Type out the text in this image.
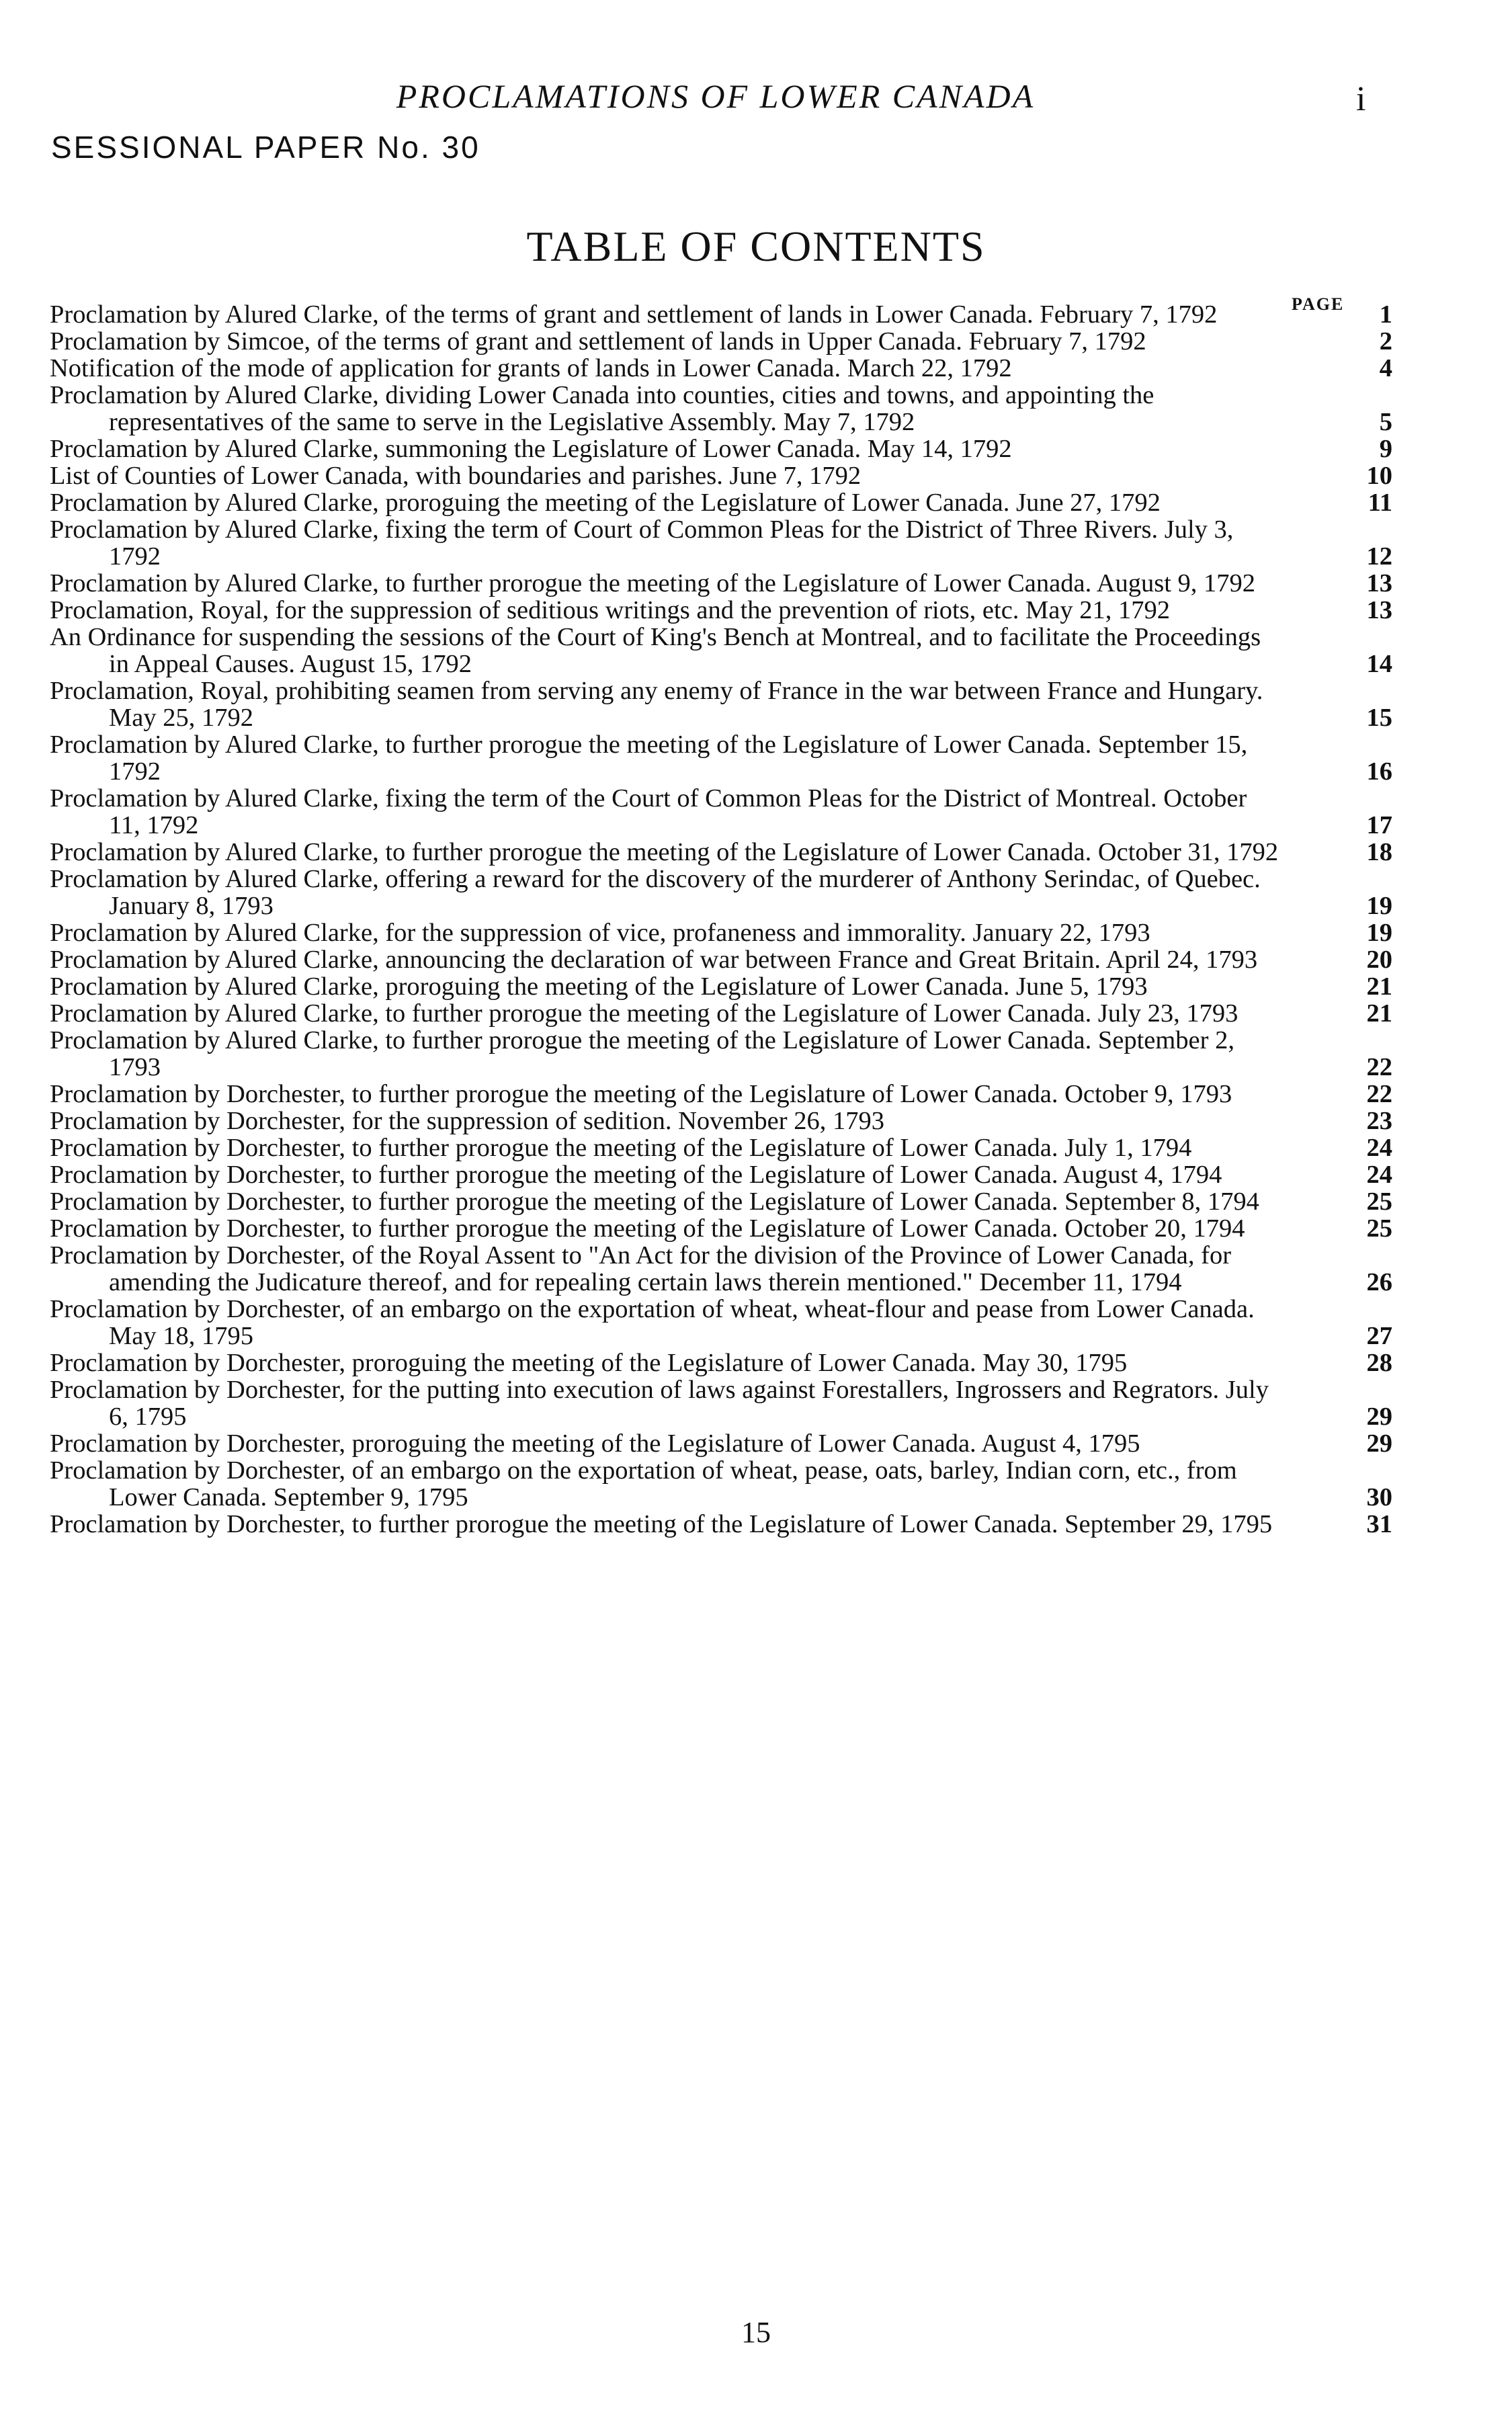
PROCLAMATIONS OF LOWER CANADA	i
SESSIONAL PAPER No. 30
TABLE OF CONTENTS
PAGE
Proclamation by Alured Clarke, of the terms of grant and settlement of lands in Lower Canada. February 7, 1792 .....	1
Proclamation by Simcoe, of the terms of grant and settlement of lands in Upper Canada. February 7, 1792 .....	2
Notification of the mode of application for grants of lands in Lower Canada. March 22, 1792 .....	4
Proclamation by Alured Clarke, dividing Lower Canada into counties, cities and towns, and appointing the representatives of the same to serve in the Legislative Assembly. May 7, 1792 .....	5
Proclamation by Alured Clarke, summoning the Legislature of Lower Canada. May 14, 1792 .....	9
List of Counties of Lower Canada, with boundaries and parishes. June 7, 1792 .....	10
Proclamation by Alured Clarke, proroguing the meeting of the Legislature of Lower Canada. June 27, 1792 .....	11
Proclamation by Alured Clarke, fixing the term of Court of Common Pleas for the District of Three Rivers. July 3, 1792 .....	12
Proclamation by Alured Clarke, to further prorogue the meeting of the Legislature of Lower Canada. August 9, 1792 .....	13
Proclamation, Royal, for the suppression of seditious writings and the prevention of riots, etc. May 21, 1792 .....	13
An Ordinance for suspending the sessions of the Court of King's Bench at Montreal, and to facilitate the Proceedings in Appeal Causes. August 15, 1792 .....	14
Proclamation, Royal, prohibiting seamen from serving any enemy of France in the war between France and Hungary. May 25, 1792 .....	15
Proclamation by Alured Clarke, to further prorogue the meeting of the Legislature of Lower Canada. September 15, 1792 .....	16
Proclamation by Alured Clarke, fixing the term of the Court of Common Pleas for the District of Montreal. October 11, 1792 .....	17
Proclamation by Alured Clarke, to further prorogue the meeting of the Legislature of Lower Canada. October 31, 1792 .....	18
Proclamation by Alured Clarke, offering a reward for the discovery of the murderer of Anthony Serindac, of Quebec. January 8, 1793 .....	19
Proclamation by Alured Clarke, for the suppression of vice, profaneness and immorality. January 22, 1793 .....	19
Proclamation by Alured Clarke, announcing the declaration of war between France and Great Britain. April 24, 1793 .....	20
Proclamation by Alured Clarke, proroguing the meeting of the Legislature of Lower Canada. June 5, 1793 .....	21
Proclamation by Alured Clarke, to further prorogue the meeting of the Legislature of Lower Canada. July 23, 1793 .....	21
Proclamation by Alured Clarke, to further prorogue the meeting of the Legislature of Lower Canada. September 2, 1793 .....	22
Proclamation by Dorchester, to further prorogue the meeting of the Legislature of Lower Canada. October 9, 1793 .....	22
Proclamation by Dorchester, for the suppression of sedition. November 26, 1793 .....	23
Proclamation by Dorchester, to further prorogue the meeting of the Legislature of Lower Canada. July 1, 1794 .....	24
Proclamation by Dorchester, to further prorogue the meeting of the Legislature of Lower Canada. August 4, 1794 .....	24
Proclamation by Dorchester, to further prorogue the meeting of the Legislature of Lower Canada. September 8, 1794 .....	25
Proclamation by Dorchester, to further prorogue the meeting of the Legislature of Lower Canada. October 20, 1794 .....	25
Proclamation by Dorchester, of the Royal Assent to "An Act for the division of the Province of Lower Canada, for amending the Judicature thereof, and for repealing certain laws therein mentioned." December 11, 1794 .....	26
Proclamation by Dorchester, of an embargo on the exportation of wheat, wheat-flour and pease from Lower Canada. May 18, 1795 .....	27
Proclamation by Dorchester, proroguing the meeting of the Legislature of Lower Canada. May 30, 1795 .....	28
Proclamation by Dorchester, for the putting into execution of laws against Forestallers, Ingrossers and Regrators. July 6, 1795 .....	29
Proclamation by Dorchester, proroguing the meeting of the Legislature of Lower Canada. August 4, 1795 .....	29
Proclamation by Dorchester, of an embargo on the exportation of wheat, pease, oats, barley, Indian corn, etc., from Lower Canada. September 9, 1795 .....	30
Proclamation by Dorchester, to further prorogue the meeting of the Legislature of Lower Canada. September 29, 1795 .....	31
15
